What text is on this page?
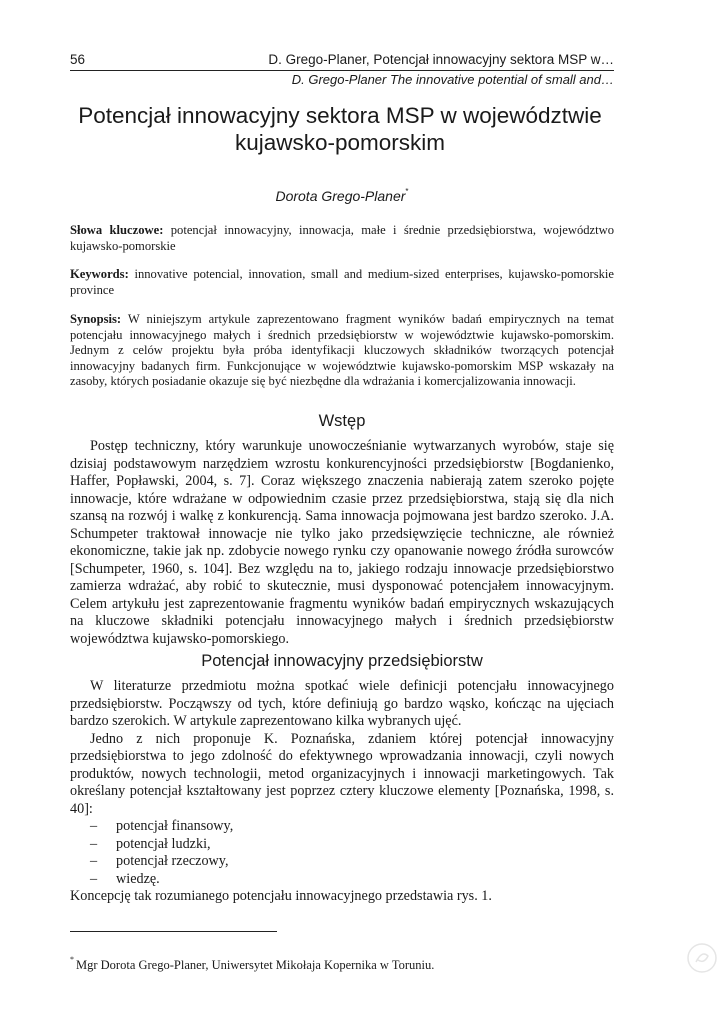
56	D. Grego-Planer, Potencjał innowacyjny sektora MSP w…
D. Grego-Planer The innovative potential of small and…
Potencjał innowacyjny sektora MSP w województwie kujawsko-pomorskim
Dorota Grego-Planer*
Słowa kluczowe: potencjał innowacyjny, innowacja, małe i średnie przedsiębiorstwa, województwo kujawsko-pomorskie
Keywords: innovative potencial, innovation, small and medium-sized enterprises, kujawsko-pomorskie province
Synopsis: W niniejszym artykule zaprezentowano fragment wyników badań empirycznych na temat potencjału innowacyjnego małych i średnich przedsiębiorstw w województwie kujawsko-pomorskim. Jednym z celów projektu była próba identyfikacji kluczowych składników tworzących potencjał innowacyjny badanych firm. Funkcjonujące w województwie kujawsko-pomorskim MSP wskazały na zasoby, których posiadanie okazuje się być niezbędne dla wdrażania i komercjalizowania innowacji.
Wstęp

Postęp techniczny, który warunkuje unowocześnianie wytwarzanych wyrobów, staje się dzisiaj podstawowym narzędziem wzrostu konkurencyjności przedsiębiorstw [Bogdanienko, Haffer, Popławski, 2004, s. 7]. Coraz większego znaczenia nabierają zatem szeroko pojęte innowacje, które wdrażane w odpowiednim czasie przez przedsiębiorstwa, stają się dla nich szansą na rozwój i walkę z konkurencją. Sama innowacja pojmowana jest bardzo szeroko. J.A. Schumpeter traktował innowacje nie tylko jako przedsięwzięcie techniczne, ale również ekonomiczne, takie jak np. zdobycie nowego rynku czy opanowanie nowego źródła surowców [Schumpeter, 1960, s. 104]. Bez względu na to, jakiego rodzaju innowacje przedsiębiorstwo zamierza wdrażać, aby robić to skutecznie, musi dysponować potencjałem innowacyjnym. Celem artykułu jest zaprezentowanie fragmentu wyników badań empirycznych wskazujących na kluczowe składniki potencjału innowacyjnego małych i średnich przedsiębiorstw województwa kujawsko-pomorskiego.

Potencjał innowacyjny przedsiębiorstw

W literaturze przedmiotu można spotkać wiele definicji potencjału innowacyjnego przedsiębiorstw. Począwszy od tych, które definiują go bardzo wąsko, kończąc na ujęciach bardzo szerokich. W artykule zaprezentowano kilka wybranych ujęć.

Jedno z nich proponuje K. Poznańska, zdaniem której potencjał innowacyjny przedsiębiorstwa to jego zdolność do efektywnego wprowadzania innowacji, czyli nowych produktów, nowych technologii, metod organizacyjnych i innowacji marketingowych. Tak określany potencjał kształtowany jest poprzez cztery kluczowe elementy [Poznańska, 1998, s. 40]:

– potencjał finansowy,
– potencjał ludzki,
– potencjał rzeczowy,
– wiedzę.

Koncepcję tak rozumianego potencjału innowacyjnego przedstawia rys. 1.

* Mgr Dorota Grego-Planer, Uniwersytet Mikołaja Kopernika w Toruniu.
